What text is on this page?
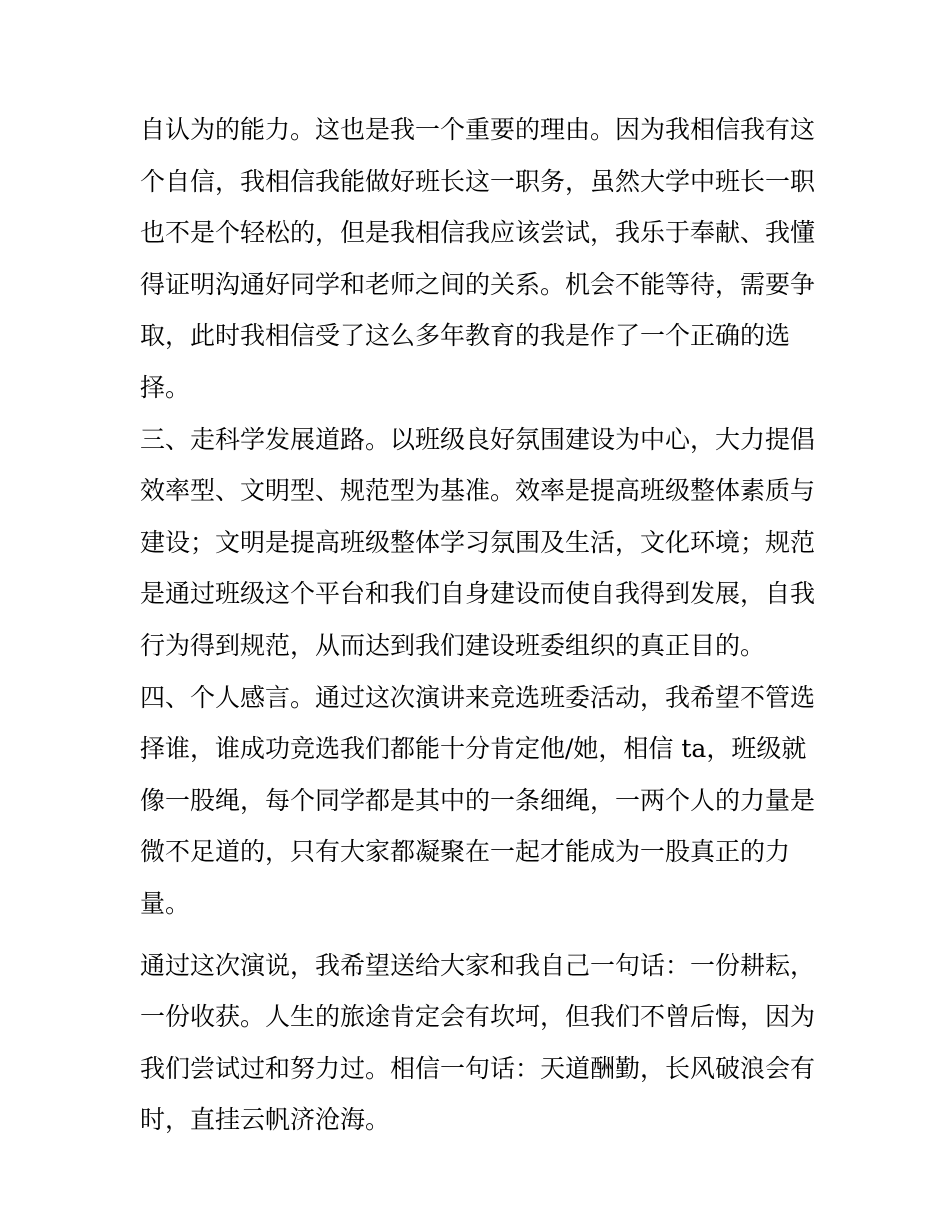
自认为的能力。这也是我一个重要的理由。因为我相信我有这
个自信，我相信我能做好班长这一职务，虽然大学中班长一职
也不是个轻松的，但是我相信我应该尝试，我乐于奉献、我懂
得证明沟通好同学和老师之间的关系。机会不能等待，需要争
取，此时我相信受了这么多年教育的我是作了一个正确的选
择。
三、走科学发展道路。以班级良好氛围建设为中心，大力提倡
效率型、文明型、规范型为基准。效率是提高班级整体素质与
建设；文明是提高班级整体学习氛围及生活，文化环境；规范
是通过班级这个平台和我们自身建设而使自我得到发展，自我
行为得到规范，从而达到我们建设班委组织的真正目的。
四、个人感言。通过这次演讲来竞选班委活动，我希望不管选
择谁，谁成功竞选我们都能十分肯定他/她，相信 ta，班级就
像一股绳，每个同学都是其中的一条细绳，一两个人的力量是
微不足道的，只有大家都凝聚在一起才能成为一股真正的力
量。
通过这次演说，我希望送给大家和我自己一句话：一份耕耘，
一份收获。人生的旅途肯定会有坎坷，但我们不曾后悔，因为
我们尝试过和努力过。相信一句话：天道酬勤，长风破浪会有
时，直挂云帆济沧海。
